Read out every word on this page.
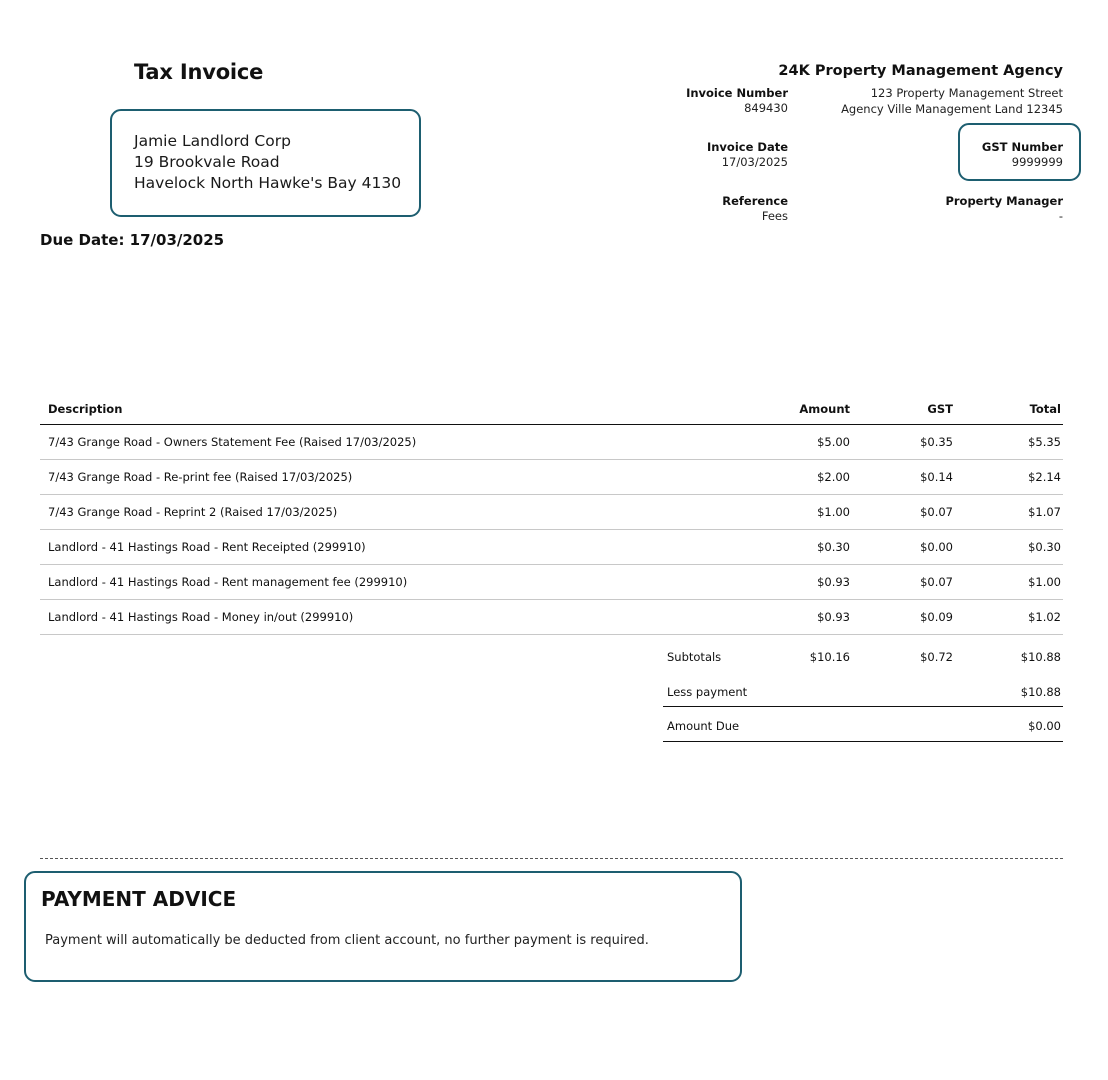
Tax Invoice
Jamie Landlord Corp
19 Brookvale Road
Havelock North Hawke's Bay 4130
Due Date: 17/03/2025
24K Property Management Agency
123 Property Management Street
Agency Ville Management Land 12345
Invoice Number
849430
Invoice Date
17/03/2025
Reference
Fees
GST Number
9999999
Property Manager
-
Description	Amount	GST	Total
7/43 Grange Road - Owners Statement Fee (Raised 17/03/2025)	$5.00	$0.35	$5.35
7/43 Grange Road - Re-print fee (Raised 17/03/2025)	$2.00	$0.14	$2.14
7/43 Grange Road - Reprint 2 (Raised 17/03/2025)	$1.00	$0.07	$1.07
Landlord - 41 Hastings Road - Rent Receipted (299910)	$0.30	$0.00	$0.30
Landlord - 41 Hastings Road - Rent management fee (299910)	$0.93	$0.07	$1.00
Landlord - 41 Hastings Road - Money in/out (299910)	$0.93	$0.09	$1.02
Subtotals	$10.16	$0.72	$10.88
Less payment	$10.88
Amount Due	$0.00
PAYMENT ADVICE
Payment will automatically be deducted from client account, no further payment is required.
